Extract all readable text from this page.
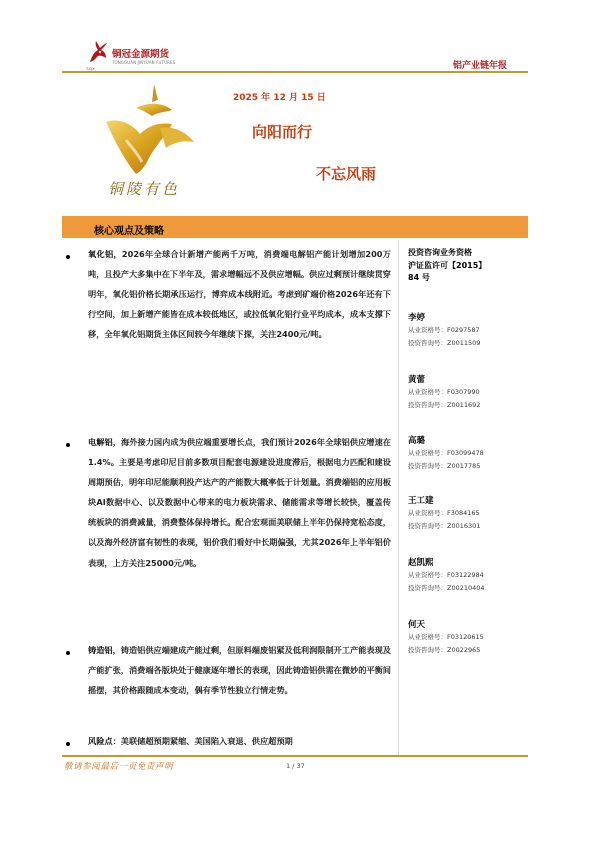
T.GJY
铜冠金源期货
TONGGUAN JINYUAN FUTURES	铝产业链年报
铜陵有色
2025 年 12 月 15 日
向阳而行
不忘风雨
核心观点及策略
氧化铝，2026年全球合计新增产能两千万吨，消费端电解铝产能计划增加200万吨，且投产大多集中在下半年及，需求增幅远不及供应增幅。供应过剩预计继续贯穿明年，氧化铝价格长期承压运行，博弈成本线附近。考虑到矿端价格2026年还有下行空间，加上新增产能皆在成本较低地区，或拉低氧化铝行业平均成本，成本支撑下移，全年氧化铝期货主体区间较今年继续下探，关注2400元/吨。
电解铝，海外接力国内成为供应端重要增长点，我们预计2026年全球铝供应增速在1.4%。主要是考虑印尼目前多数项目配套电源建设进度滞后，根据电力匹配和建设周期预估，明年印尼能顺利投产达产的产能数大概率低于计划量。消费端铝的应用板块AI数据中心、以及数据中心带来的电力板块需求、储能需求等增长较快，覆盖传统板块的消费减量，消费整体保持增长。配合宏观面美联储上半年仍保持宽松态度，以及海外经济富有韧性的表现，铝价我们看好中长期偏强，尤其2026年上半年铝价表现，上方关注25000元/吨。
铸造铝，铸造铝供应端建成产能过剩，但原料端废铝紧及低利润限制开工产能表现及产能扩张，消费端各版块处于健康逐年增长的表现，因此铸造铝供需在微妙的平衡间摇摆，其价格跟随成本变动，偶有季节性独立行情走势。
风险点：美联储超预期紧缩、美国陷入衰退、供应超预期
投资咨询业务资格
沪证监许可【2015】
84 号
李婷
从业资格号：F0297587
投资咨询号：Z0011509
黄蕾
从业资格号：F0307990
投资咨询号：Z0011692
高璐
从业资格号：F03099478
投资咨询号：Z0017785
王工建
从业资格号：F3084165
投资咨询号：Z0016301
赵凯熙
从业资格号：F03122984
投资咨询号：Z00210404
何天
从业资格号：F03120615
投资咨询号：Z0022965
敬请参阅最后一页免责声明	1 / 37
